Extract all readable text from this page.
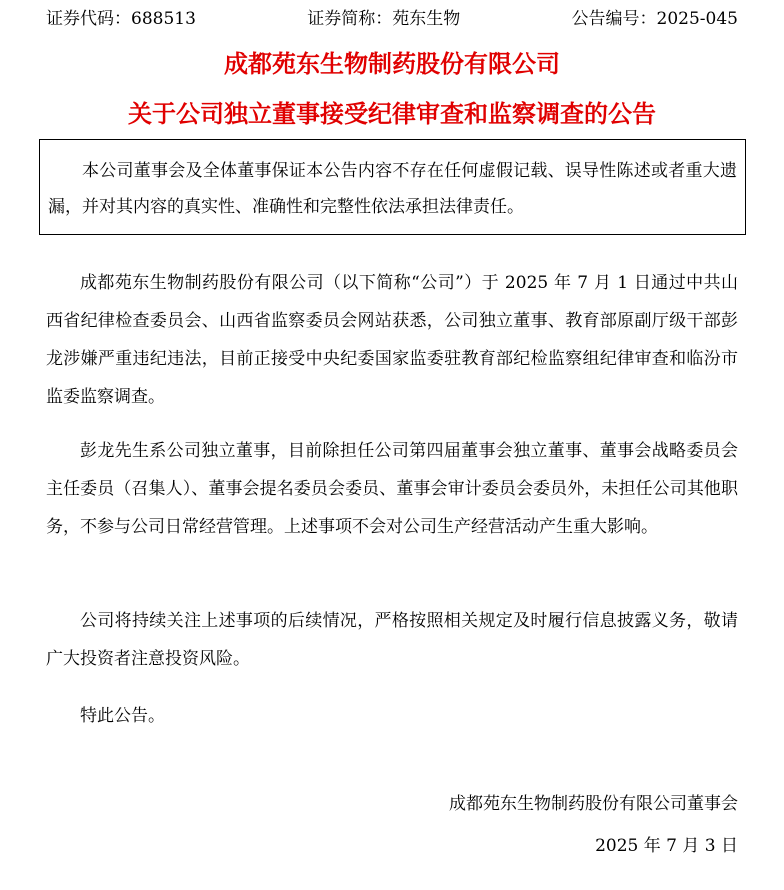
证券代码：688513	证券简称：苑东生物	公告编号：2025-045
成都苑东生物制药股份有限公司
关于公司独立董事接受纪律审查和监察调查的公告
本公司董事会及全体董事保证本公告内容不存在任何虚假记载、误导性陈述或者重大遗漏，并对其内容的真实性、准确性和完整性依法承担法律责任。
成都苑东生物制药股份有限公司（以下简称“公司”）于 2025 年 7 月 1 日通过中共山西省纪律检查委员会、山西省监察委员会网站获悉，公司独立董事、教育部原副厅级干部彭龙涉嫌严重违纪违法，目前正接受中央纪委国家监委驻教育部纪检监察组纪律审查和临汾市监委监察调查。
彭龙先生系公司独立董事，目前除担任公司第四届董事会独立董事、董事会战略委员会主任委员（召集人）、董事会提名委员会委员、董事会审计委员会委员外，未担任公司其他职务，不参与公司日常经营管理。上述事项不会对公司生产经营活动产生重大影响。
公司将持续关注上述事项的后续情况，严格按照相关规定及时履行信息披露义务，敬请广大投资者注意投资风险。
特此公告。
成都苑东生物制药股份有限公司董事会
2025 年 7 月 3 日
